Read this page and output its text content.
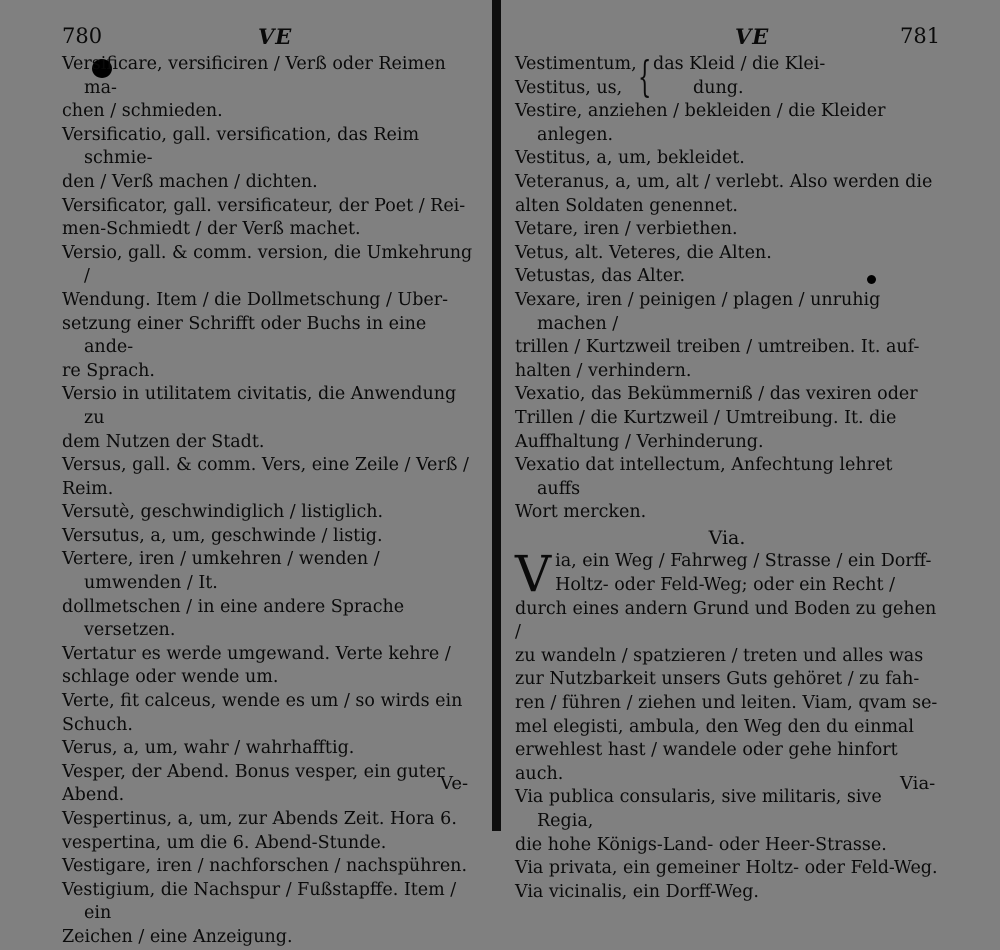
780	VE
Versificare, versificiren / Verß oder Reimen ma-
chen / schmieden.
Versificatio, gall. versification, das Reim schmie-
den / Verß machen / dichten.
Versificator, gall. versificateur, der Poet / Rei-
men-Schmiedt / der Verß machet.
Versio, gall. & comm. version, die Umkehrung /
Wendung. Item / die Dollmetschung / Uber-
setzung einer Schrifft oder Buchs in eine ande-
re Sprach.
Versio in utilitatem civitatis, die Anwendung zu
dem Nutzen der Stadt.
Versus, gall. & comm. Vers, eine Zeile / Verß /
Reim.
Versutè, geschwindiglich / listiglich.
Versutus, a, um, geschwinde / listig.
Vertere, iren / umkehren / wenden / umwenden / It.
dollmetschen / in eine andere Sprache versetzen.
Vertatur es werde umgewand. Verte kehre /
schlage oder wende um.
Verte, fit calceus, wende es um / so wirds ein
Schuch.
Verus, a, um, wahr / wahrhafftig.
Vesper, der Abend. Bonus vesper, ein guter
Abend.
Vespertinus, a, um, zur Abends Zeit. Hora 6.
vespertina, um die 6. Abend-Stunde.
Vestigare, iren / nachforschen / nachspühren.
Vestigium, die Nachspur / Fußstapffe. Item / ein
Zeichen / eine Anzeigung.
Ve-
VE	781
Vestimentum,
Vestitus, us, { das Kleid / die Klei-
dung.
Vestire, anziehen / bekleiden / die Kleider anlegen.
Vestitus, a, um, bekleidet.
Veteranus, a, um, alt / verlebt. Also werden die
alten Soldaten genennet.
Vetare, iren / verbiethen.
Vetus, alt. Veteres, die Alten.
Vetustas, das Alter.
Vexare, iren / peinigen / plagen / unruhig machen /
trillen / Kurtzweil treiben / umtreiben. It. auf-
halten / verhindern.
Vexatio, das Bekümmerniß / das vexiren oder
Trillen / die Kurtzweil / Umtreibung. It. die
Auffhaltung / Verhinderung.
Vexatio dat intellectum, Anfechtung lehret auffs
Wort mercken.
Via.
V ia, ein Weg / Fahrweg / Strasse / ein Dorff-
Holtz- oder Feld-Weg; oder ein Recht /
durch eines andern Grund und Boden zu gehen /
zu wandeln / spatzieren / treten und alles was
zur Nutzbarkeit unsers Guts gehöret / zu fah-
ren / führen / ziehen und leiten. Viam, qvam se-
mel elegisti, ambula, den Weg den du einmal
erwehlest hast / wandele oder gehe hinfort auch.
Via publica consularis, sive militaris, sive Regia,
die hohe Königs-Land- oder Heer-Strasse.
Via privata, ein gemeiner Holtz- oder Feld-Weg.
Via vicinalis, ein Dorff-Weg.
Via-
